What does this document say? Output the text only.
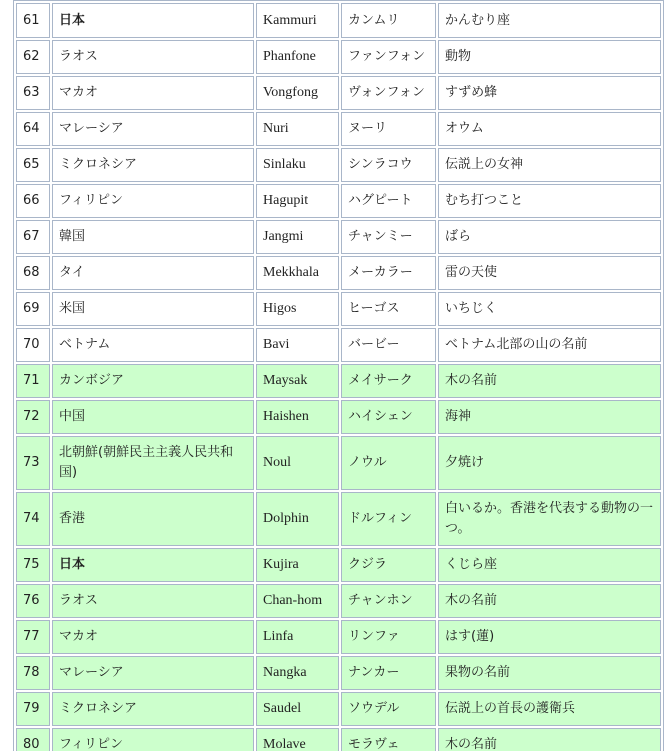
61	日本	Kammuri	カンムリ	かんむり座
62	ラオス	Phanfone	ファンフォン	動物
63	マカオ	Vongfong	ヴォンフォン	すずめ蜂
64	マレーシア	Nuri	ヌーリ	オウム
65	ミクロネシア	Sinlaku	シンラコウ	伝説上の女神
66	フィリピン	Hagupit	ハグピート	むち打つこと
67	韓国	Jangmi	チャンミー	ばら
68	タイ	Mekkhala	メーカラー	雷の天使
69	米国	Higos	ヒーゴス	いちじく
70	ベトナム	Bavi	バービー	ベトナム北部の山の名前
71	カンボジア	Maysak	メイサーク	木の名前
72	中国	Haishen	ハイシェン	海神
73	北朝鮮(朝鮮民主主義人民共和国)	Noul	ノウル	夕焼け
74	香港	Dolphin	ドルフィン	白いるか。香港を代表する動物の一つ。
75	日本	Kujira	クジラ	くじら座
76	ラオス	Chan-hom	チャンホン	木の名前
77	マカオ	Linfa	リンファ	はす(蓮)
78	マレーシア	Nangka	ナンカー	果物の名前
79	ミクロネシア	Saudel	ソウデル	伝説上の首長の護衛兵
80	フィリピン	Molave	モラヴェ	木の名前
